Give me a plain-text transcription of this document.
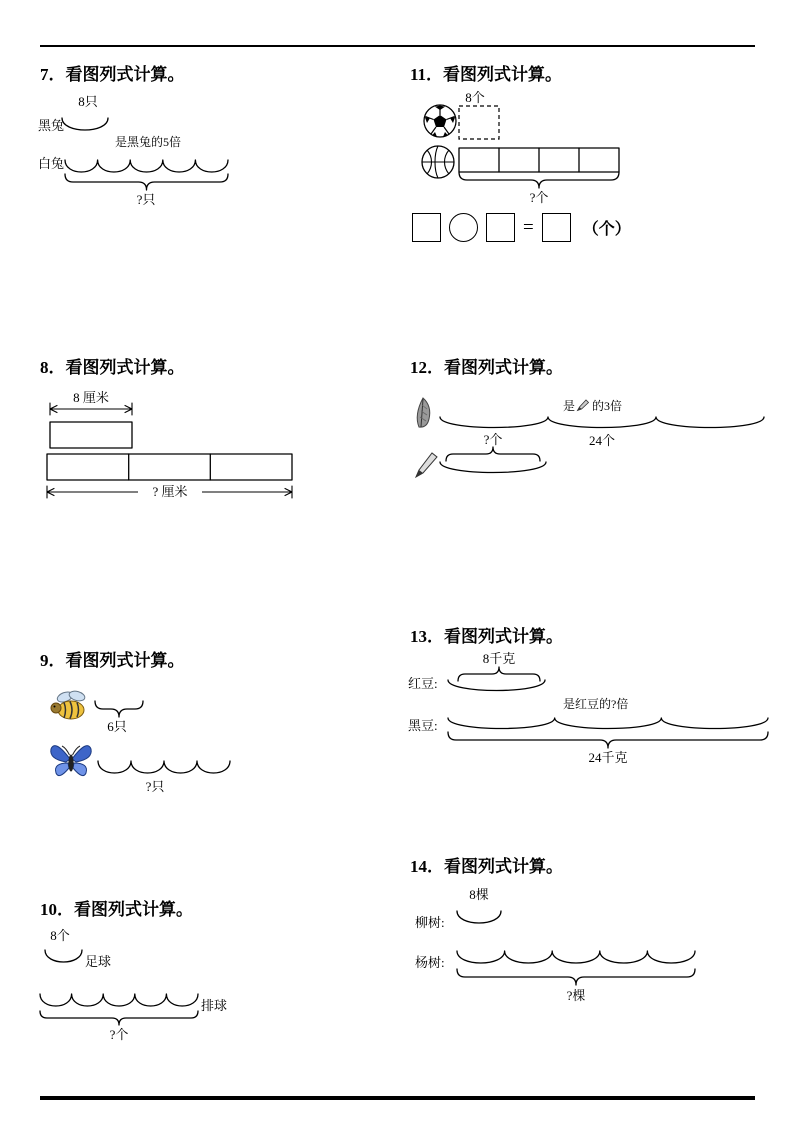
7．看图列式计算。
8只
黑兔
是黑兔的5倍
白兔
?只
8．看图列式计算。
8 厘米
? 厘米
9．看图列式计算。
6只
?只
10．看图列式计算。
8个
足球
排球
?个
11．看图列式计算。
8个
?个
=	（个）
12．看图列式计算。
是 的3倍
24个
?个
13．看图列式计算。
8千克
红豆:
是红豆的?倍
黑豆:
24千克
14．看图列式计算。
8棵
柳树:
杨树:
?棵
